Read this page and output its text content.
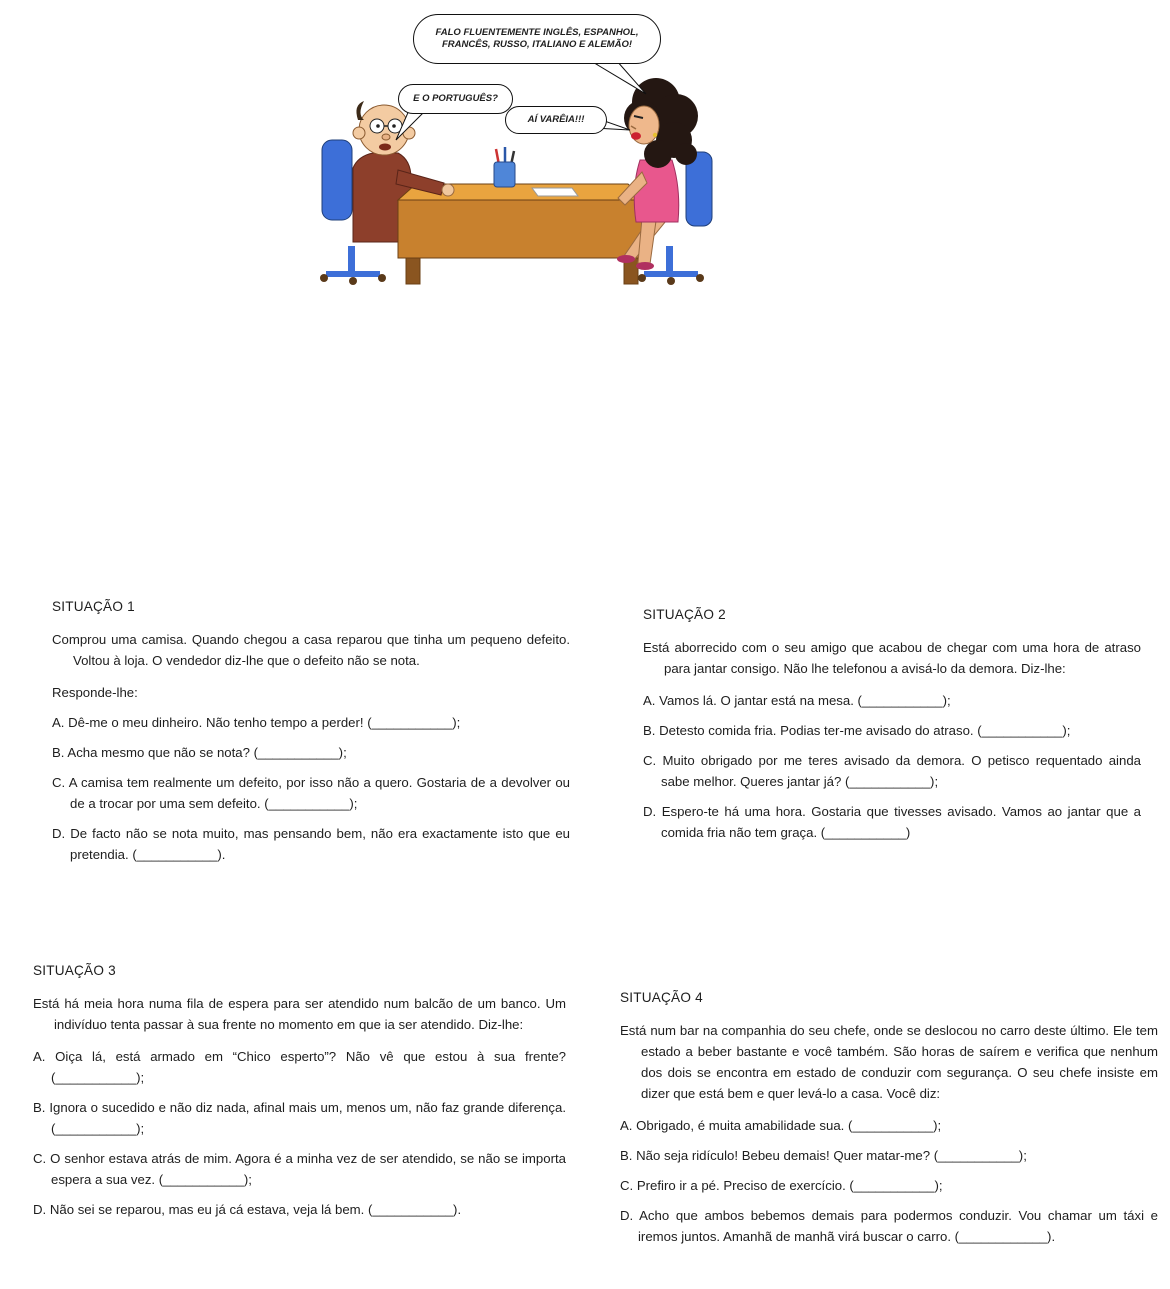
FALO FLUENTEMENTE INGLÊS, ESPANHOL, FRANCÊS, RUSSO, ITALIANO E ALEMÃO!
E O PORTUGUÊS?
AÍ VARÊIA!!!
SITUAÇÃO 1
Comprou uma camisa. Quando chegou a casa reparou que tinha um pequeno defeito. Voltou à loja. O vendedor diz-lhe que o defeito não se nota.
Responde-lhe:
A. Dê-me o meu dinheiro. Não tenho tempo a perder! (___________);
B. Acha mesmo que não se nota? (___________);
C. A camisa tem realmente um defeito, por isso não a quero. Gostaria de a devolver ou de a trocar por uma sem defeito. (___________);
D. De facto não se nota muito, mas pensando bem, não era exactamente isto que eu pretendia. (___________).
SITUAÇÃO 2
Está aborrecido com o seu amigo que acabou de chegar com uma hora de atraso para jantar consigo. Não lhe telefonou a avisá-lo da demora. Diz-lhe:
A. Vamos lá. O jantar está na mesa. (___________);
B. Detesto comida fria. Podias ter-me avisado do atraso. (___________);
C. Muito obrigado por me teres avisado da demora. O petisco requentado ainda sabe melhor. Queres jantar já? (___________);
D. Espero-te há uma hora. Gostaria que tivesses avisado. Vamos ao jantar que a comida fria não tem graça. (___________)
SITUAÇÃO 3
Está há meia hora numa fila de espera para ser atendido num balcão de um banco. Um indivíduo tenta passar à sua frente no momento em que ia ser atendido. Diz-lhe:
A. Oiça lá, está armado em “Chico esperto”? Não vê que estou à sua frente? (___________);
B. Ignora o sucedido e não diz nada, afinal mais um, menos um, não faz grande diferença. (___________);
C. O senhor estava atrás de mim. Agora é a minha vez de ser atendido, se não se importa espera a sua vez. (___________);
D. Não sei se reparou, mas eu já cá estava, veja lá bem. (___________).
SITUAÇÃO 4
Está num bar na companhia do seu chefe, onde se deslocou no carro deste último. Ele tem estado a beber bastante e você também. São horas de saírem e verifica que nenhum dos dois se encontra em estado de conduzir com segurança. O seu chefe insiste em dizer que está bem e quer levá-lo a casa. Você diz:
A. Obrigado, é muita amabilidade sua. (___________);
B. Não seja ridículo! Bebeu demais! Quer matar-me? (___________);
C. Prefiro ir a pé. Preciso de exercício. (___________);
D. Acho que ambos bebemos demais para podermos conduzir. Vou chamar um táxi e iremos juntos. Amanhã de manhã virá buscar o carro. (____________).
